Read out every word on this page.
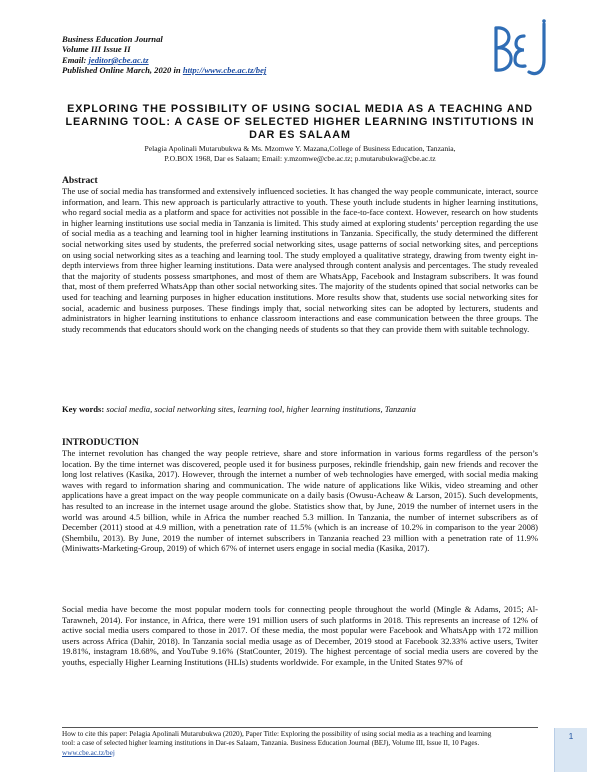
Business Education Journal
Volume III Issue II
Email: jeditor@cbe.ac.tz
Published Online March, 2020 in http://www.cbe.ac.tz/bej
EXPLORING THE POSSIBILITY OF USING SOCIAL MEDIA AS A TEACHING AND LEARNING TOOL: A CASE OF SELECTED HIGHER LEARNING INSTITUTIONS IN DAR ES SALAAM
Pelagia Apolinali Mutarubukwa & Ms. Mzomwe Y. Mazana,College of Business Education, Tanzania,
P.O.BOX 1968, Dar es Salaam; Email: y.mzomwe@cbe.ac.tz; p.mutarubukwa@cbe.ac.tz
Abstract
The use of social media has transformed and extensively influenced societies. It has changed the way people communicate, interact, source information, and learn. This new approach is particularly attractive to youth. These youth include students in higher learning institutions, who regard social media as a platform and space for activities not possible in the face-to-face context. However, research on how students in higher learning institutions use social media in Tanzania is limited. This study aimed at exploring students’ perception regarding the use of social media as a teaching and learning tool in higher learning institutions in Tanzania. Specifically, the study determined the different social networking sites used by students, the preferred social networking sites, usage patterns of social networking sites, and perceptions on using social networking sites as a teaching and learning tool. The study employed a qualitative strategy, drawing from twenty eight in-depth interviews from three higher learning institutions. Data were analysed through content analysis and percentages. The study revealed that the majority of students possess smartphones, and most of them are WhatsApp, Facebook and Instagram subscribers. It was found that, most of them preferred WhatsApp than other social networking sites. The majority of the students opined that social networks can be used for teaching and learning purposes in higher education institutions. More results show that, students use social networking sites for social, academic and business purposes. These findings imply that, social networking sites can be adopted by lecturers, students and administrators in higher learning institutions to enhance classroom interactions and ease communication between the three groups. The study recommends that educators should work on the changing needs of students so that they can provide them with suitable technology.
Key words: social media, social networking sites, learning tool, higher learning institutions, Tanzania
INTRODUCTION
The internet revolution has changed the way people retrieve, share and store information in various forms regardless of the person’s location. By the time internet was discovered, people used it for business purposes, rekindle friendship, gain new friends and recover the long lost relatives (Kasika, 2017). However, through the internet a number of web technologies have emerged, with social media making waves with regard to information sharing and communication. The wide nature of applications like Wikis, video streaming and other applications have a great impact on the way people communicate on a daily basis (Owusu-Acheaw & Larson, 2015). Such developments, has resulted to an increase in the internet usage around the globe. Statistics show that, by June, 2019 the number of internet users in the world was around 4.5 billion, while in Africa the number reached 5.3 million. In Tanzania, the number of internet subscribers as of December (2011) stood at 4.9 million, with a penetration rate of 11.5% (which is an increase of 10.2% in comparison to the year 2008) (Shembilu, 2013). By June, 2019 the number of internet subscribers in Tanzania reached 23 million with a penetration rate of 11.9% (Miniwatts-Marketing-Group, 2019) of which 67% of internet users engage in social media (Kasika, 2017).
Social media have become the most popular modern tools for connecting people throughout the world (Mingle & Adams, 2015; Al-Tarawneh, 2014). For instance, in Africa, there were 191 million users of such platforms in 2018. This represents an increase of 12% of active social media users compared to those in 2017. Of these media, the most popular were Facebook and WhatsApp with 172 million users across Africa (Dahir, 2018). In Tanzania social media usage as of December, 2019 stood at Facebook 32.33% active users, Twiter 19.81%, instagram 18.68%, and YouTube 9.16% (StatCounter, 2019). The highest percentage of social media users are covered by the youths, especially Higher Learning Institutions (HLIs) students worldwide. For example, in the United States 97% of
How to cite this paper: Pelagia Apolinali Mutarubukwa (2020), Paper Title: Exploring the possibility of using social media as a teaching and learning tool: a case of selected higher learning institutions in Dar-es Salaam, Tanzania. Business Education Journal (BEJ), Volume III, Issue II, 10 Pages. www.cbe.ac.tz/bej
1
